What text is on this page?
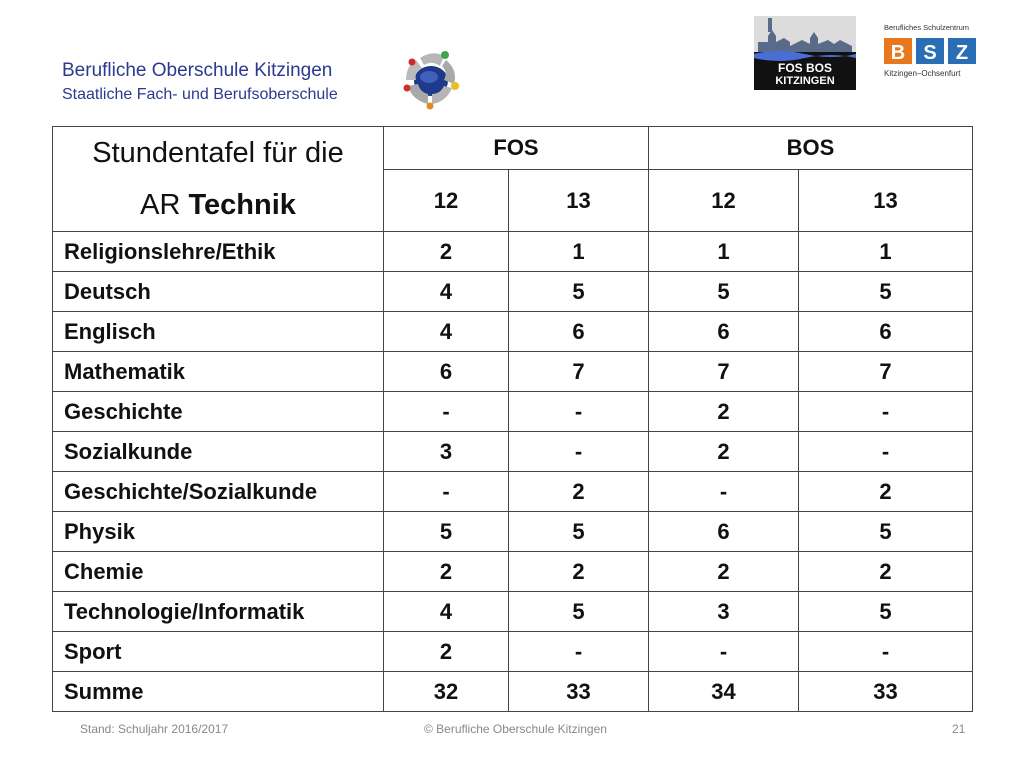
Berufliche Oberschule Kitzingen
Staatliche Fach- und Berufsoberschule
FOS BOS
KITZINGEN
Berufliches Schulzentrum
B S Z
Kitzingen–Ochsenfurt
Stundentafel für die
AR Technik	FOS		BOS	
	12	13	12	13
Religionslehre/Ethik	2	1	1	1
Deutsch	4	5	5	5
Englisch	4	6	6	6
Mathematik	6	7	7	7
Geschichte	-	-	2	-
Sozialkunde	3	-	2	-
Geschichte/Sozialkunde	-	2	-	2
Physik	5	5	6	5
Chemie	2	2	2	2
Technologie/Informatik	4	5	3	5
Sport	2	-	-	-
Summe	32	33	34	33
Stand: Schuljahr 2016/2017	© Berufliche Oberschule Kitzingen	21
